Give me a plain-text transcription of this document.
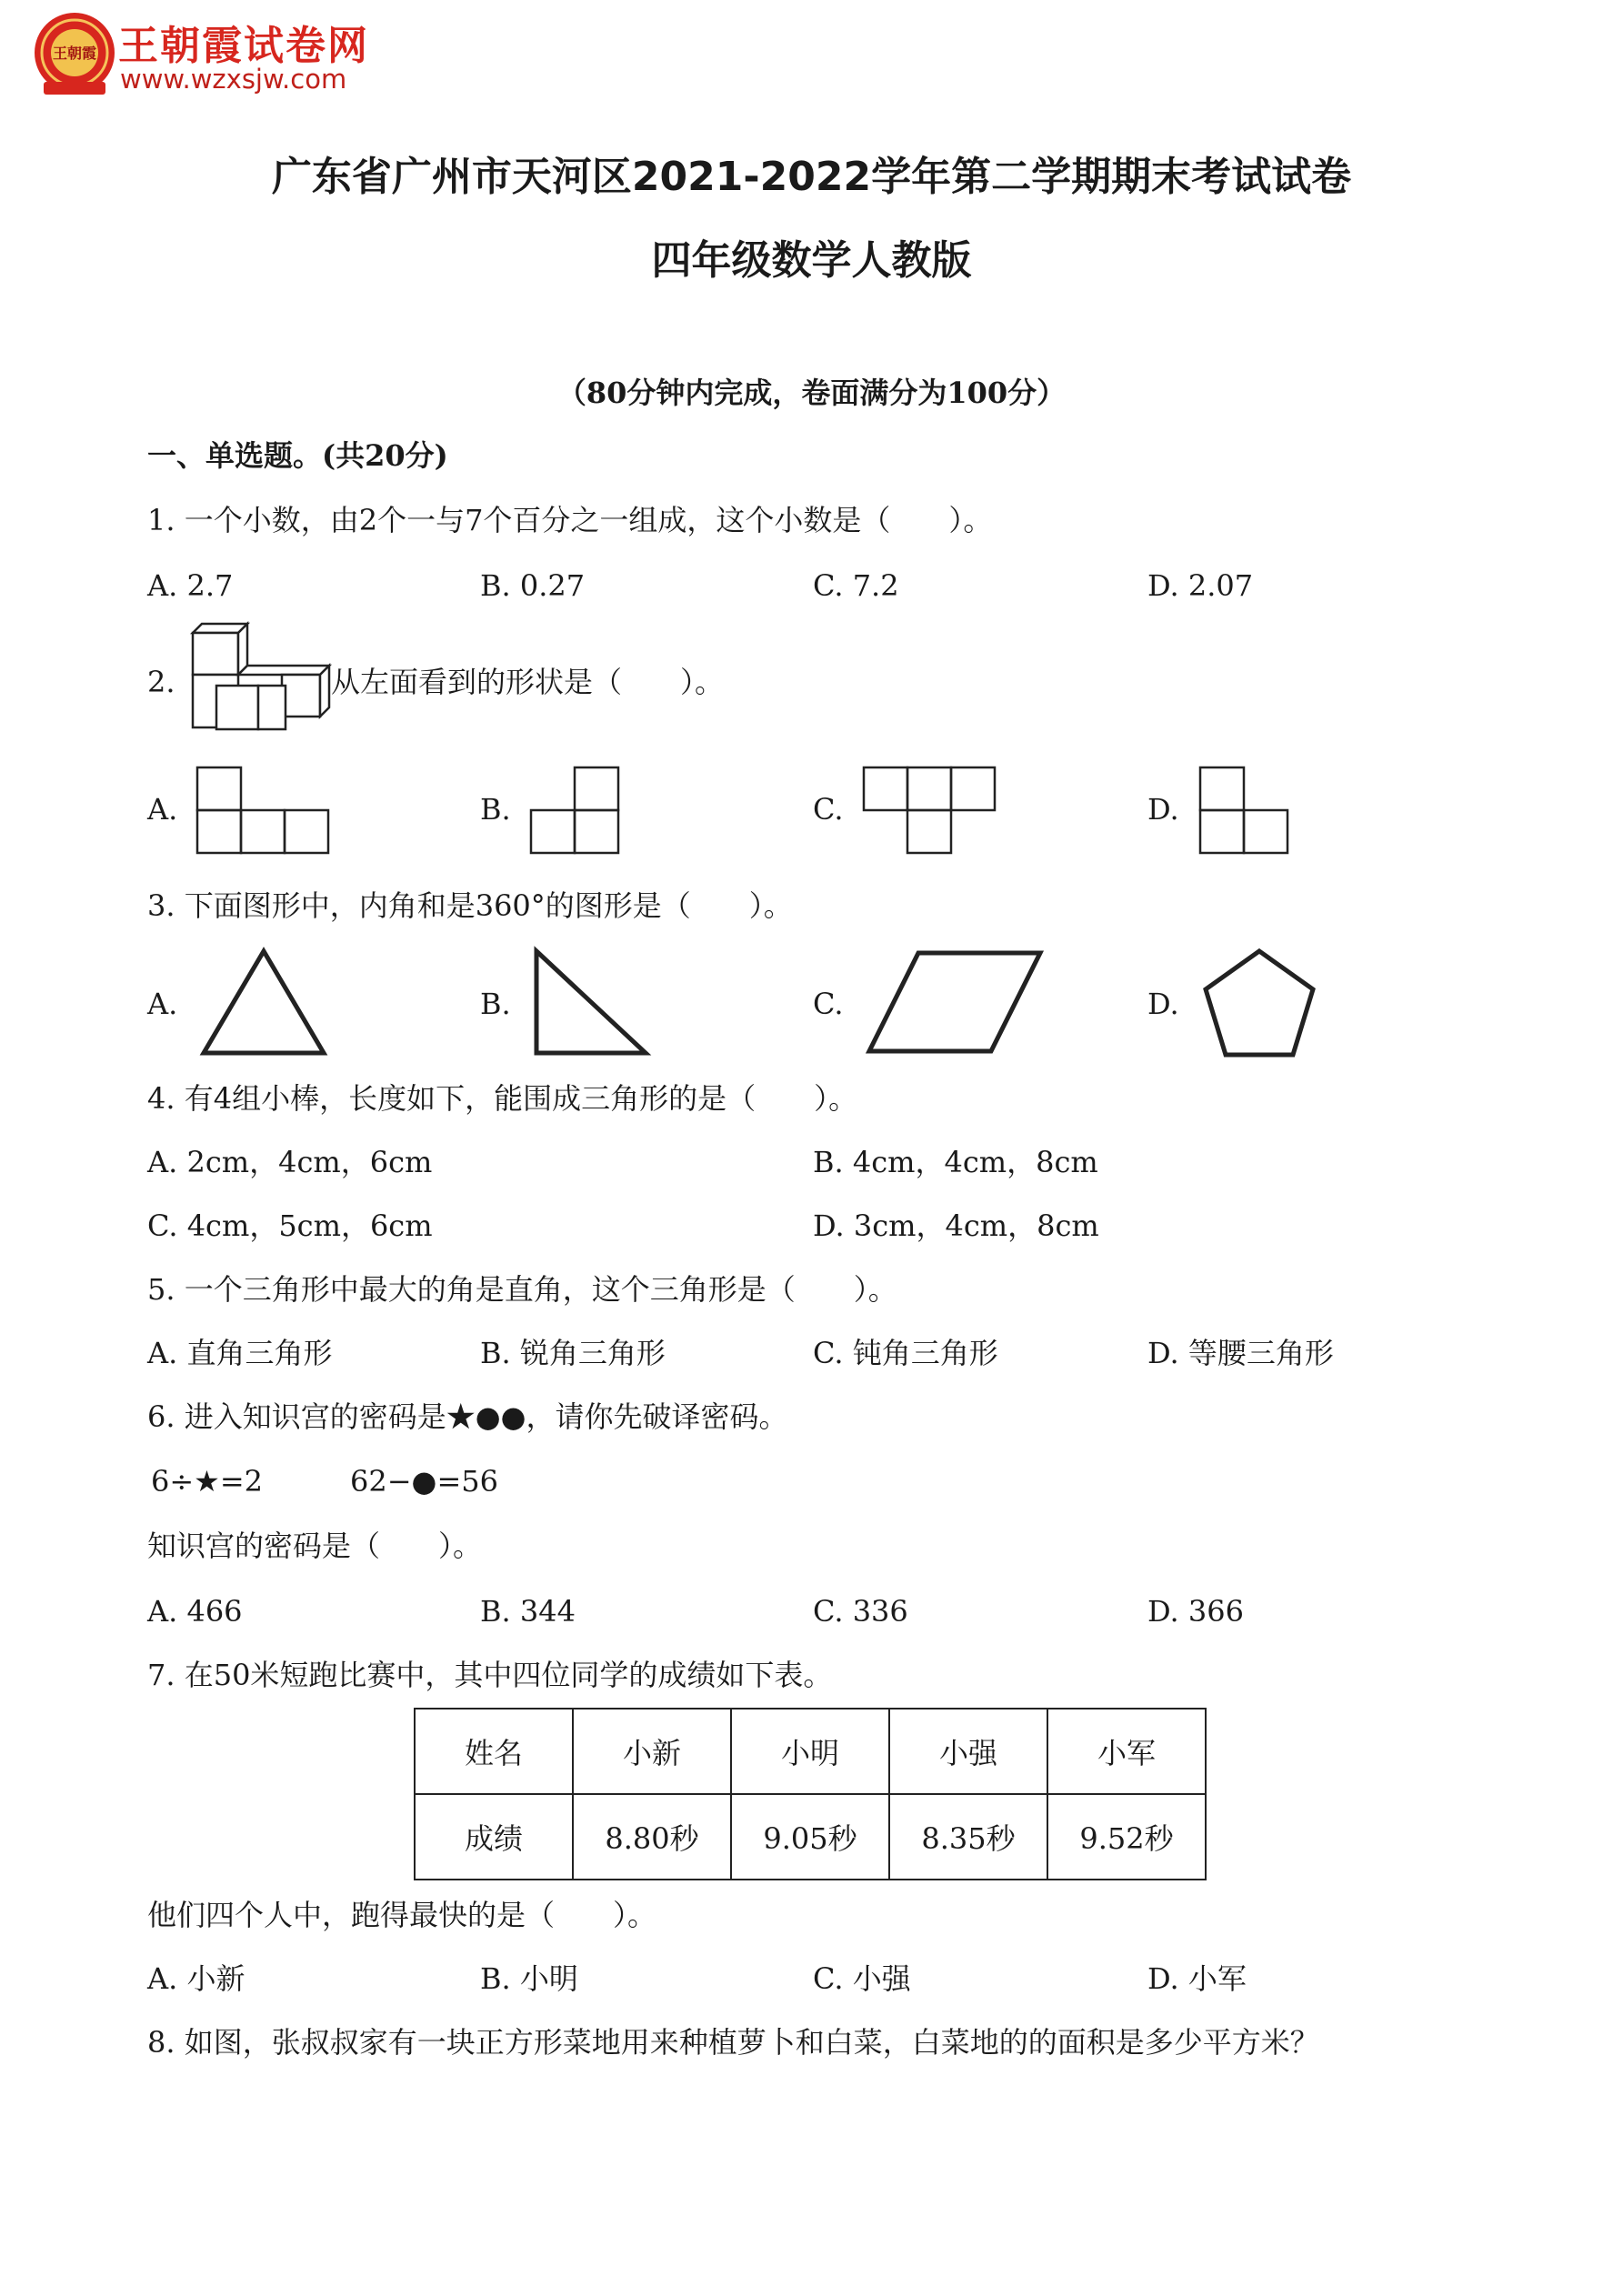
王朝霞 王朝霞试卷网
www.wzxsjw.com
广东省广州市天河区2021-2022学年第二学期期末考试试卷
四年级数学人教版
（80分钟内完成，卷面满分为100分）
一、单选题。(共20分)
1. 一个小数，由2个一与7个百分之一组成，这个小数是（　　）。
A. 2.7	B. 0.27	C. 7.2	D. 2.07
2.	从左面看到的形状是（　　）。
A.	B.	C.	D.
3. 下面图形中，内角和是360°的图形是（　　）。
A.	B.	C.	D.
4. 有4组小棒，长度如下，能围成三角形的是（　　）。
A. 2cm，4cm，6cm	B. 4cm，4cm，8cm
C. 4cm，5cm，6cm	D. 3cm，4cm，8cm
5. 一个三角形中最大的角是直角，这个三角形是（　　）。
A. 直角三角形	B. 锐角三角形	C. 钝角三角形	D. 等腰三角形
6. 进入知识宫的密码是★●●，请你先破译密码。
6÷★=2	62−●=56
知识宫的密码是（　　）。
A. 466	B. 344	C. 336	D. 366
7. 在50米短跑比赛中，其中四位同学的成绩如下表。
姓名	小新	小明	小强	小军
成绩	8.80秒	9.05秒	8.35秒	9.52秒
他们四个人中，跑得最快的是（　　）。
A. 小新	B. 小明	C. 小强	D. 小军
8. 如图，张叔叔家有一块正方形菜地用来种植萝卜和白菜，白菜地的的面积是多少平方米？
